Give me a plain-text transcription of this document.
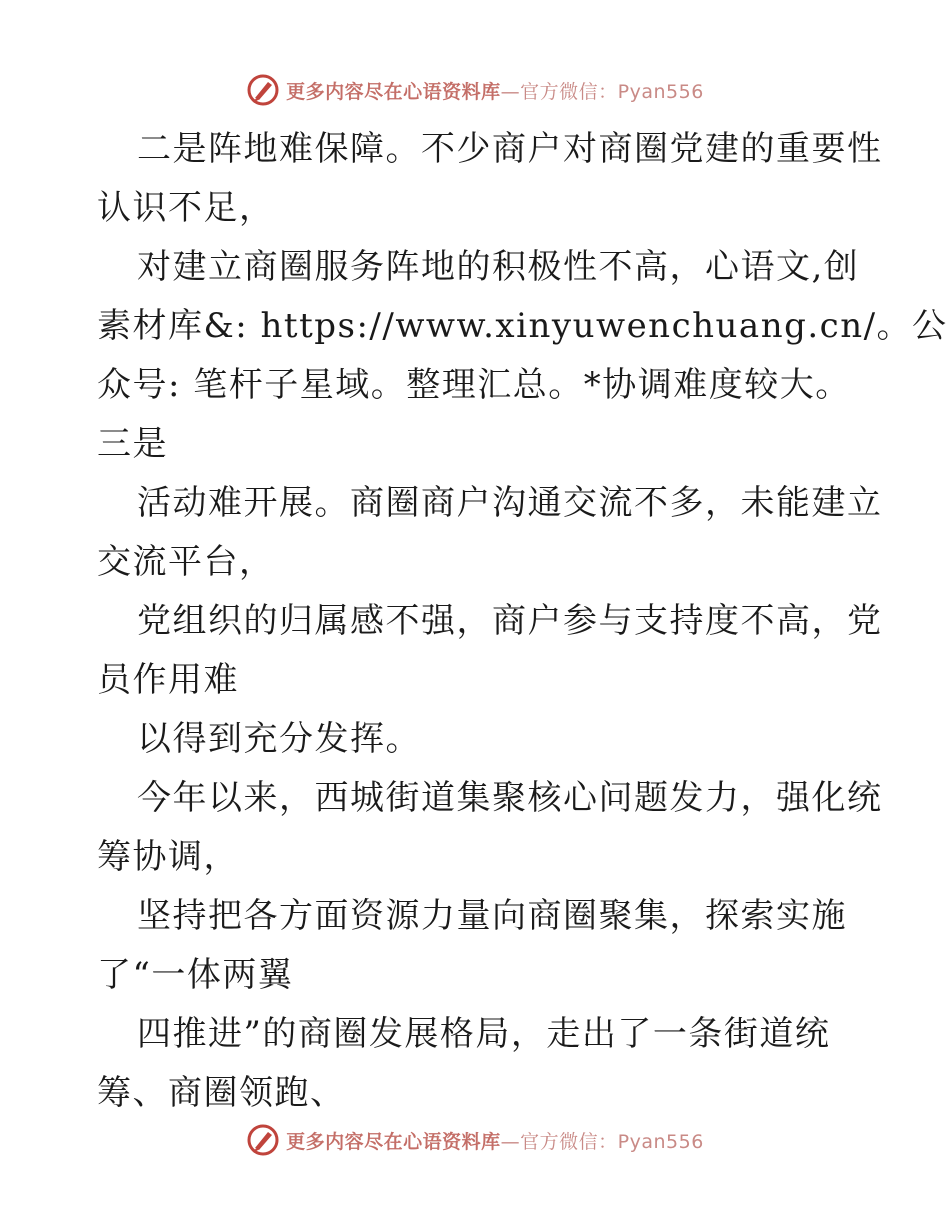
更多内容尽在心语资料库—官方微信：Pyan556

二是阵地难保障。不少商户对商圈党建的重要性

认识不足，

对建立商圈服务阵地的积极性不高，心语文,创

素材库&: https://www.xinyuwenchuang.cn/。公

众号: 笔杆子星域。整理汇总。*协调难度较大。

三是

活动难开展。商圈商户沟通交流不多，未能建立

交流平台，

党组织的归属感不强，商户参与支持度不高，党

员作用难

以得到充分发挥。

今年以来，西城街道集聚核心问题发力，强化统

筹协调，

坚持把各方面资源力量向商圈聚集，探索实施

了“一体两翼

四推进”的商圈发展格局，走出了一条街道统

筹、商圈领跑、

更多内容尽在心语资料库—官方微信：Pyan556
